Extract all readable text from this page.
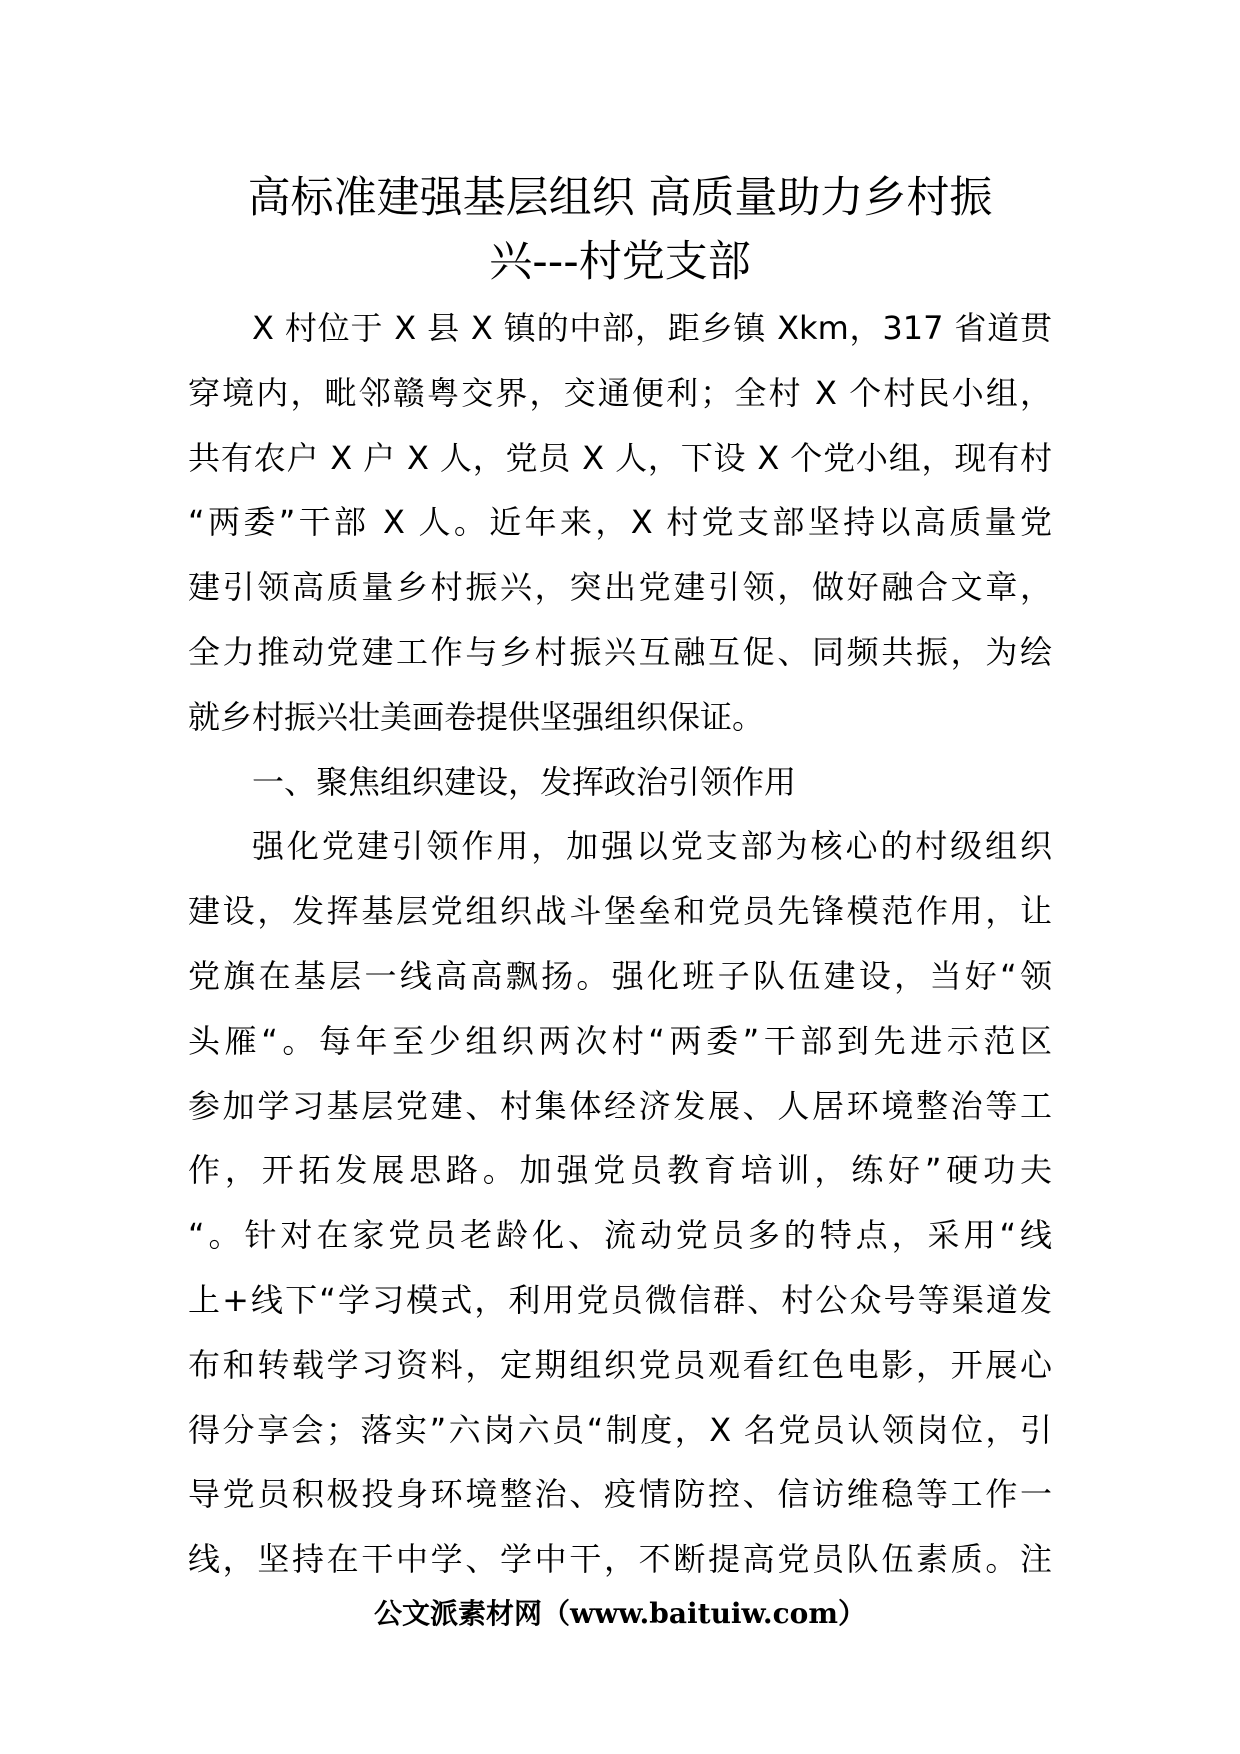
高标准建强基层组织 高质量助力乡村振
兴---村党支部
X 村位于 X 县 X 镇的中部，距乡镇 Xkm，317 省道贯
穿境内，毗邻赣粤交界，交通便利；全村 X 个村民小组，
共有农户 X 户 X 人，党员 X 人，下设 X 个党小组，现有村
“两委”干部 X 人。近年来，X 村党支部坚持以高质量党
建引领高质量乡村振兴，突出党建引领，做好融合文章，
全力推动党建工作与乡村振兴互融互促、同频共振，为绘
就乡村振兴壮美画卷提供坚强组织保证。
一、聚焦组织建设，发挥政治引领作用
强化党建引领作用，加强以党支部为核心的村级组织
建设，发挥基层党组织战斗堡垒和党员先锋模范作用，让
党旗在基层一线高高飘扬。强化班子队伍建设，当好“领
头雁“。每年至少组织两次村“两委”干部到先进示范区
参加学习基层党建、村集体经济发展、人居环境整治等工
作，开拓发展思路。加强党员教育培训，练好”硬功夫
“。针对在家党员老龄化、流动党员多的特点，采用“线
上+线下“学习模式，利用党员微信群、村公众号等渠道发
布和转载学习资料，定期组织党员观看红色电影，开展心
得分享会；落实”六岗六员“制度，X 名党员认领岗位，引
导党员积极投身环境整治、疫情防控、信访维稳等工作一
线，坚持在干中学、学中干，不断提高党员队伍素质。注
公文派素材网（www.baituiw.com）
